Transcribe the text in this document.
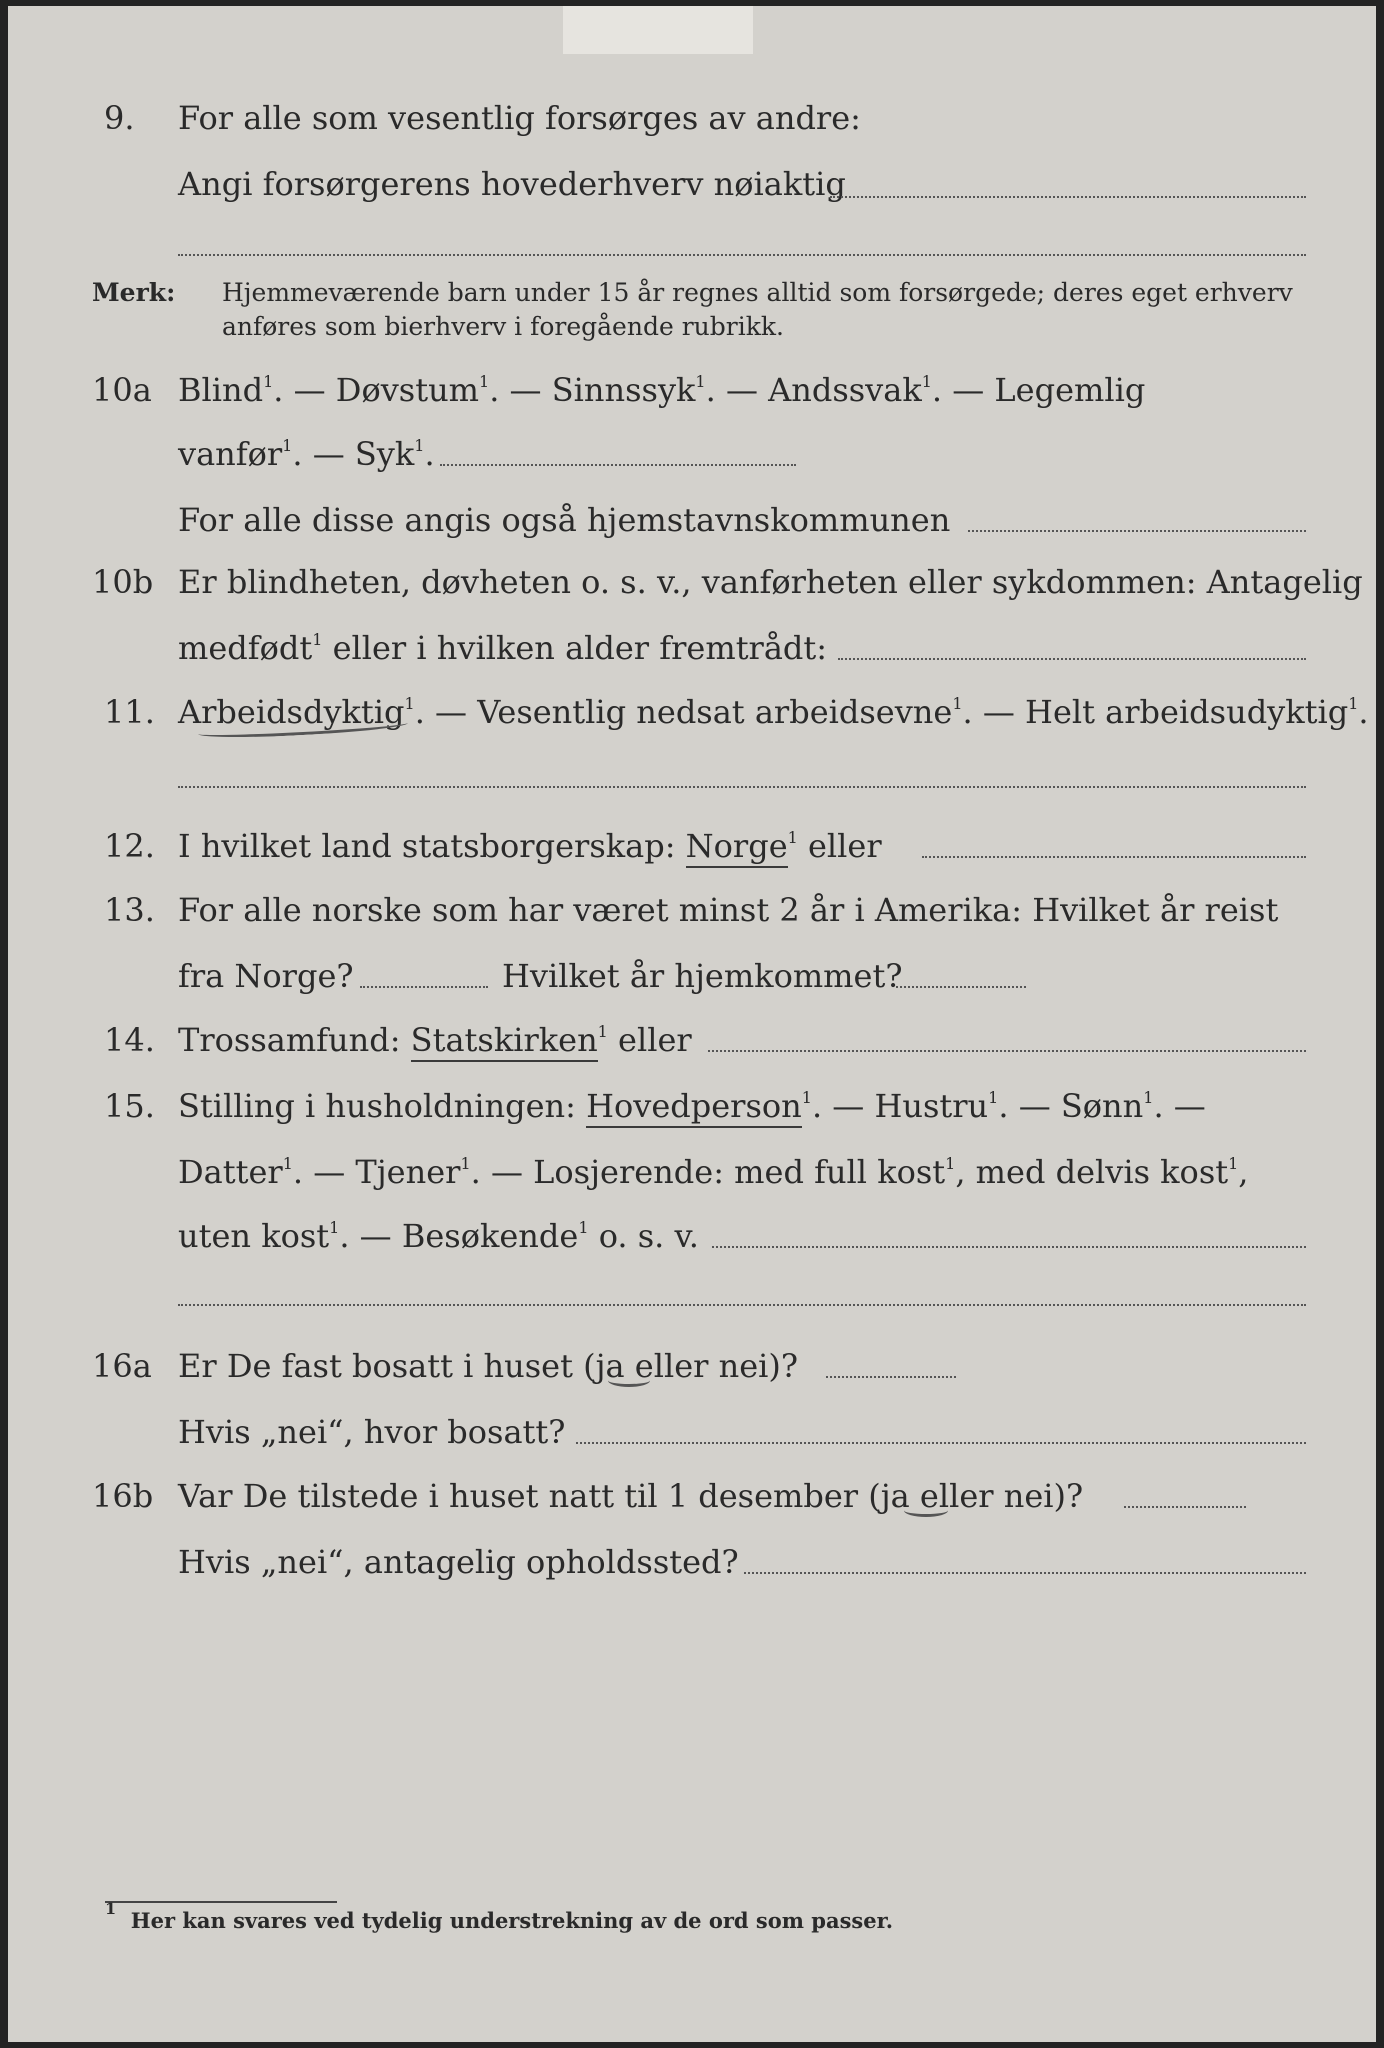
9. For alle som vesentlig forsørges av andre:
Angi forsørgerens hovederhverv nøiaktig
Merk: Hjemmeværende barn under 15 år regnes alltid som forsørgede; deres eget erhverv
anføres som bierhverv i foregående rubrikk.
10a Blind$^1$. — Døvstum$^1$. — Sinnssyk$^1$. — Andssvak$^1$. — Legemlig
vanfør$^1$. — Syk$^1$.
For alle disse angis også hjemstavnskommunen
10b Er blindheten, døvheten o. s. v., vanførheten eller sykdommen: Antagelig
medfødt$^1$ eller i hvilken alder fremtrådt:
11. Arbeidsdyktig$^1$. — Vesentlig nedsat arbeidsevne$^1$. — Helt arbeidsudyktig$^1$.
12. I hvilket land statsborgerskap: Norge$^1$ eller
13. For alle norske som har været minst 2 år i Amerika: Hvilket år reist
fra Norge?	Hvilket år hjemkommet?
14. Trossamfund: Statskirken$^1$ eller
15. Stilling i husholdningen: Hovedperson$^1$. — Hustru$^1$. — Sønn$^1$. —
Datter$^1$. — Tjener$^1$. — Losjerende: med full kost$^1$, med delvis kost$^1$,
uten kost$^1$. — Besøkende$^1$ o. s. v.
16a Er De fast bosatt i huset (ja eller nei)?
Hvis „nei“, hvor bosatt?
16b Var De tilstede i huset natt til 1 desember (ja eller nei)?
Hvis „nei“, antagelig opholdssted?
$^1$ Her kan svares ved tydelig understrekning av de ord som passer.
